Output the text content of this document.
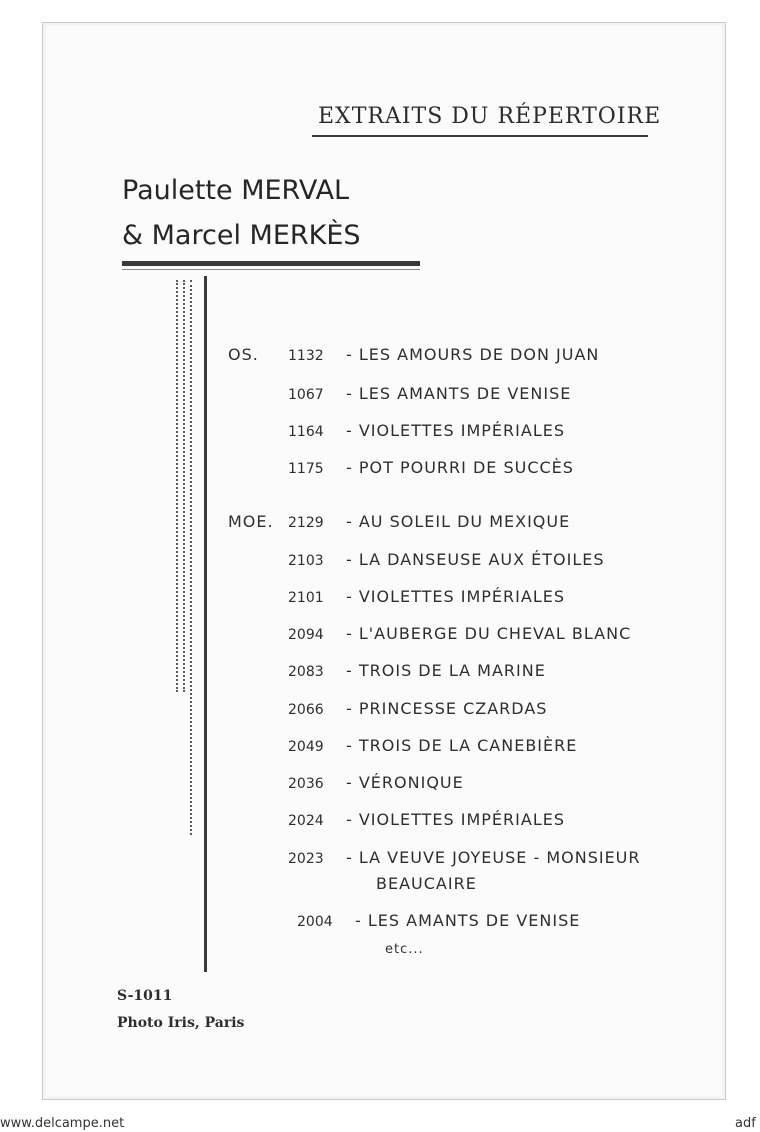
EXTRAITS DU RÉPERTOIRE
Paulette MERVAL
& Marcel MERKÈS
OS. 1132 - LES AMOURS DE DON JUAN
1067 - LES AMANTS DE VENISE
1164 - VIOLETTES IMPÉRIALES
1175 - POT POURRI DE SUCCÈS
MOE. 2129 - AU SOLEIL DU MEXIQUE
2103 - LA DANSEUSE AUX ÉTOILES
2101 - VIOLETTES IMPÉRIALES
2094 - L'AUBERGE DU CHEVAL BLANC
2083 - TROIS DE LA MARINE
2066 - PRINCESSE CZARDAS
2049 - TROIS DE LA CANEBIÈRE
2036 - VÉRONIQUE
2024 - VIOLETTES IMPÉRIALES
2023 - LA VEUVE JOYEUSE - MONSIEUR
BEAUCAIRE
2004 - LES AMANTS DE VENISE
etc...
S-1011
Photo Iris, Paris
www.delcampe.net	adf
